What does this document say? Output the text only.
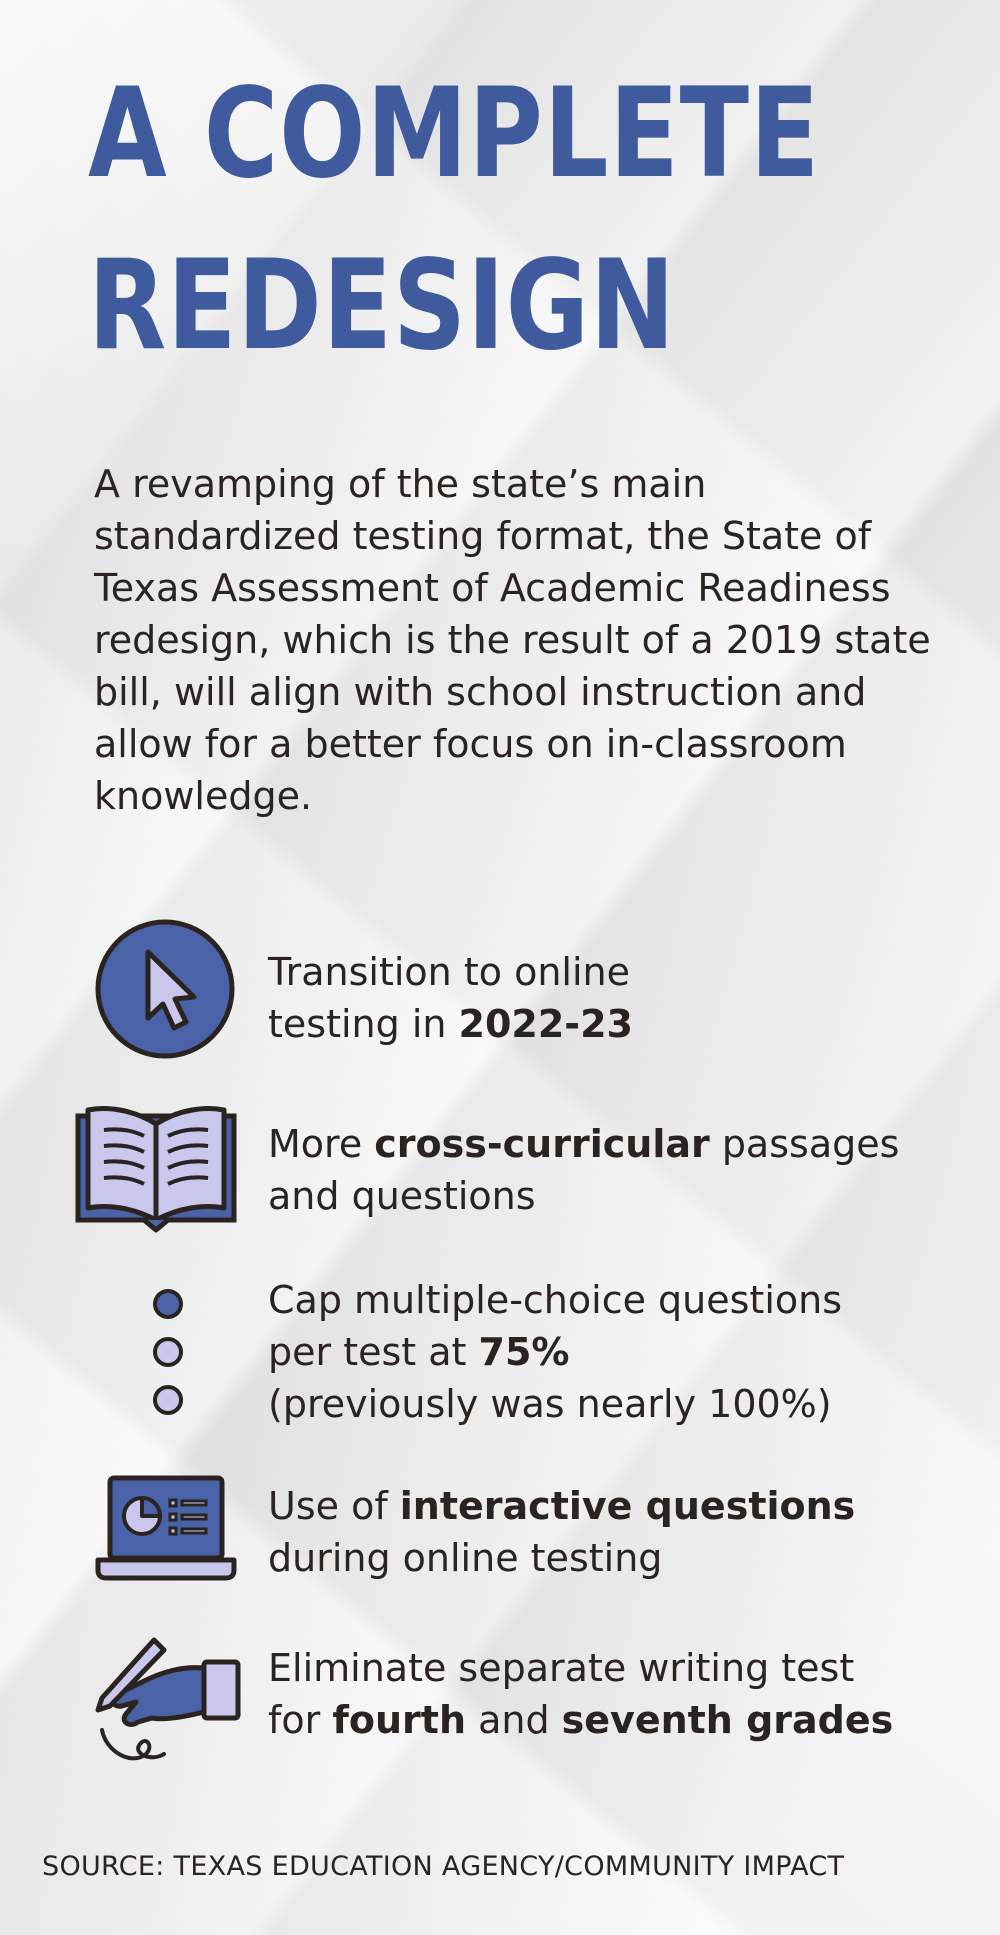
A COMPLETE
REDESIGN

A revamping of the state’s main standardized testing format, the State of Texas Assessment of Academic Readiness redesign, which is the result of a 2019 state bill, will align with school instruction and allow for a better focus on in-classroom knowledge.

Transition to online testing in 2022-23

More cross-curricular passages and questions

Cap multiple-choice questions
per test at 75%
(previously was nearly 100%)

Use of interactive questions during online testing

Eliminate separate writing test
for fourth and seventh grades

SOURCE: TEXAS EDUCATION AGENCY/COMMUNITY IMPACT
